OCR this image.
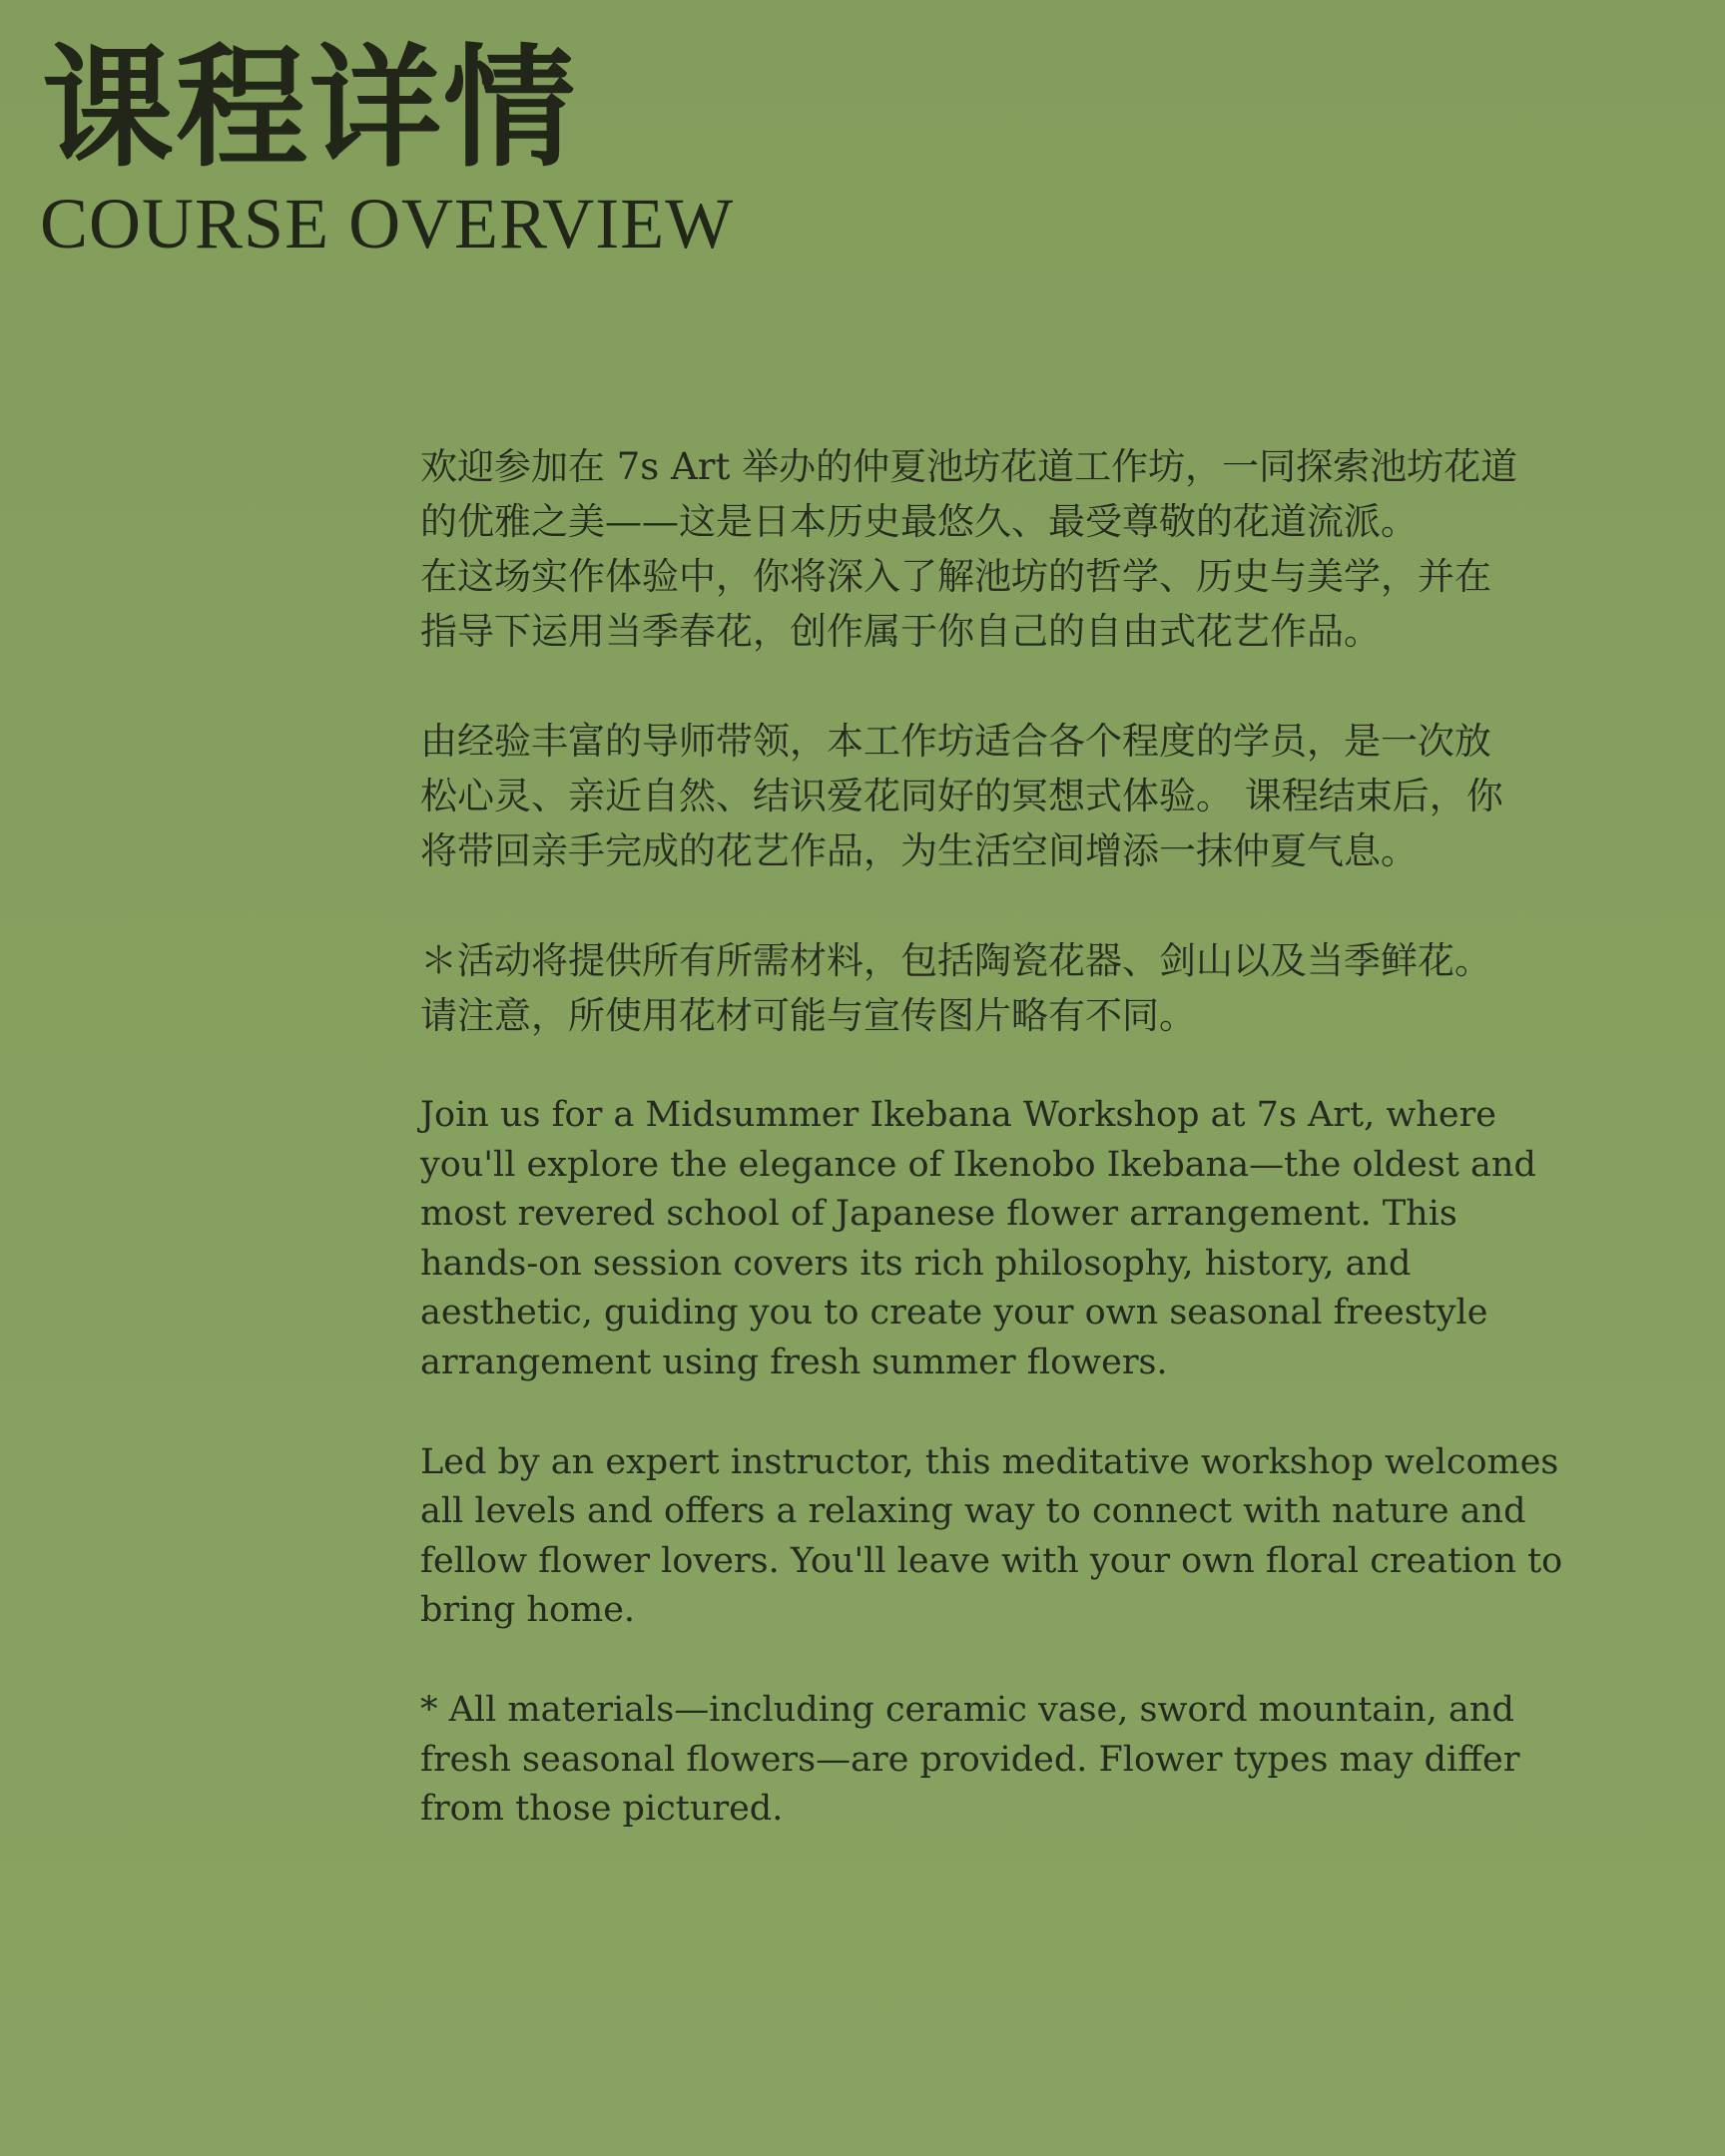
课程详情
COURSE OVERVIEW

欢迎参加在 7s Art 举办的仲夏池坊花道工作坊，一同探索池坊花道
的优雅之美——这是日本历史最悠久、最受尊敬的花道流派。
在这场实作体验中，你将深入了解池坊的哲学、历史与美学，并在
指导下运用当季春花，创作属于你自己的自由式花艺作品。

由经验丰富的导师带领，本工作坊适合各个程度的学员，是一次放
松心灵、亲近自然、结识爱花同好的冥想式体验。 课程结束后，你
将带回亲手完成的花艺作品，为生活空间增添一抹仲夏气息。

＊活动将提供所有所需材料，包括陶瓷花器、剑山以及当季鲜花。
请注意，所使用花材可能与宣传图片略有不同。

Join us for a Midsummer Ikebana Workshop at 7s Art, where
you'll explore the elegance of Ikenobo Ikebana—the oldest and
most revered school of Japanese flower arrangement. This
hands-on session covers its rich philosophy, history, and
aesthetic, guiding you to create your own seasonal freestyle
arrangement using fresh summer flowers.

Led by an expert instructor, this meditative workshop welcomes
all levels and offers a relaxing way to connect with nature and
fellow flower lovers. You'll leave with your own floral creation to
bring home.

* All materials—including ceramic vase, sword mountain, and
fresh seasonal flowers—are provided. Flower types may differ
from those pictured.
